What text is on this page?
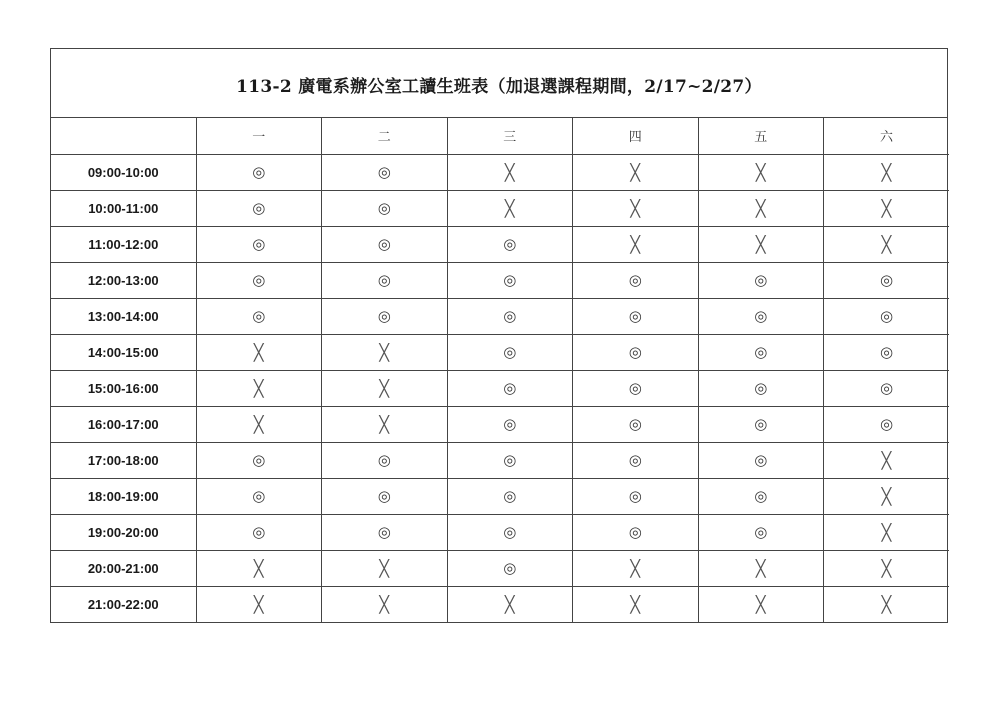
113-2 廣電系辦公室工讀生班表（加退選課程期間，2/17~2/27）
	一	二	三	四	五	六
09:00-10:00	◎	◎	╳	╳	╳	╳
10:00-11:00	◎	◎	╳	╳	╳	╳
11:00-12:00	◎	◎	◎	╳	╳	╳
12:00-13:00	◎	◎	◎	◎	◎	◎
13:00-14:00	◎	◎	◎	◎	◎	◎
14:00-15:00	╳	╳	◎	◎	◎	◎
15:00-16:00	╳	╳	◎	◎	◎	◎
16:00-17:00	╳	╳	◎	◎	◎	◎
17:00-18:00	◎	◎	◎	◎	◎	╳
18:00-19:00	◎	◎	◎	◎	◎	╳
19:00-20:00	◎	◎	◎	◎	◎	╳
20:00-21:00	╳	╳	◎	╳	╳	╳
21:00-22:00	╳	╳	╳	╳	╳	╳
